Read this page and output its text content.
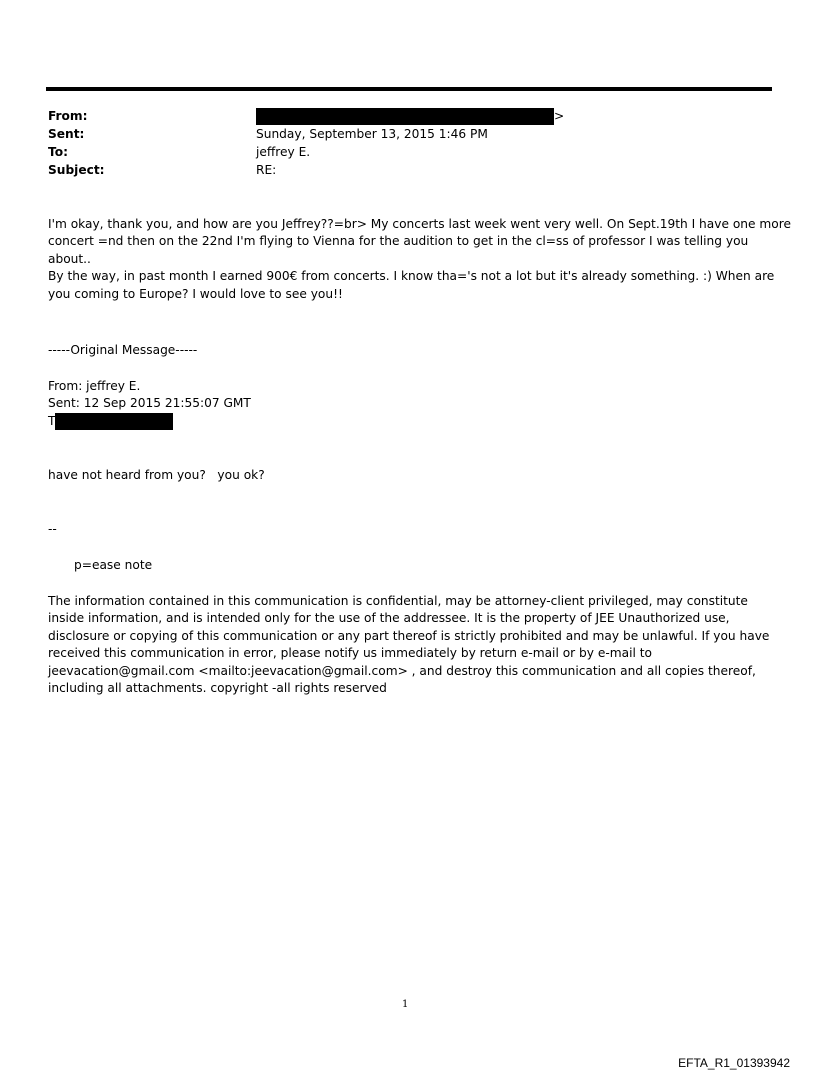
From:	>
Sent:	Sunday, September 13, 2015 1:46 PM
To:	jeffrey E.
Subject:	RE:
I'm okay, thank you, and how are you Jeffrey??=br> My concerts last week went very well. On Sept.19th I have one more
concert =nd then on the 22nd I'm flying to Vienna for the audition to get in the cl=ss of professor I was telling you
about..
By the way, in past month I earned 900€ from concerts. I know tha='s not a lot but it's already something. :) When are
you coming to Europe? I would love to see you!!
-----Original Message-----
From: jeffrey E.
Sent: 12 Sep 2015 21:55:07 GMT
T
have not heard from you?   you ok?
--
p=ease note
The information contained in this communication is confidential, may be attorney-client privileged, may constitute
inside information, and is intended only for the use of the addressee. It is the property of JEE Unauthorized use,
disclosure or copying of this communication or any part thereof is strictly prohibited and may be unlawful. If you have
received this communication in error, please notify us immediately by return e-mail or by e-mail to
jeevacation@gmail.com <mailto:jeevacation@gmail.com> , and destroy this communication and all copies thereof,
including all attachments. copyright -all rights reserved
1
EFTA_R1_01393942
